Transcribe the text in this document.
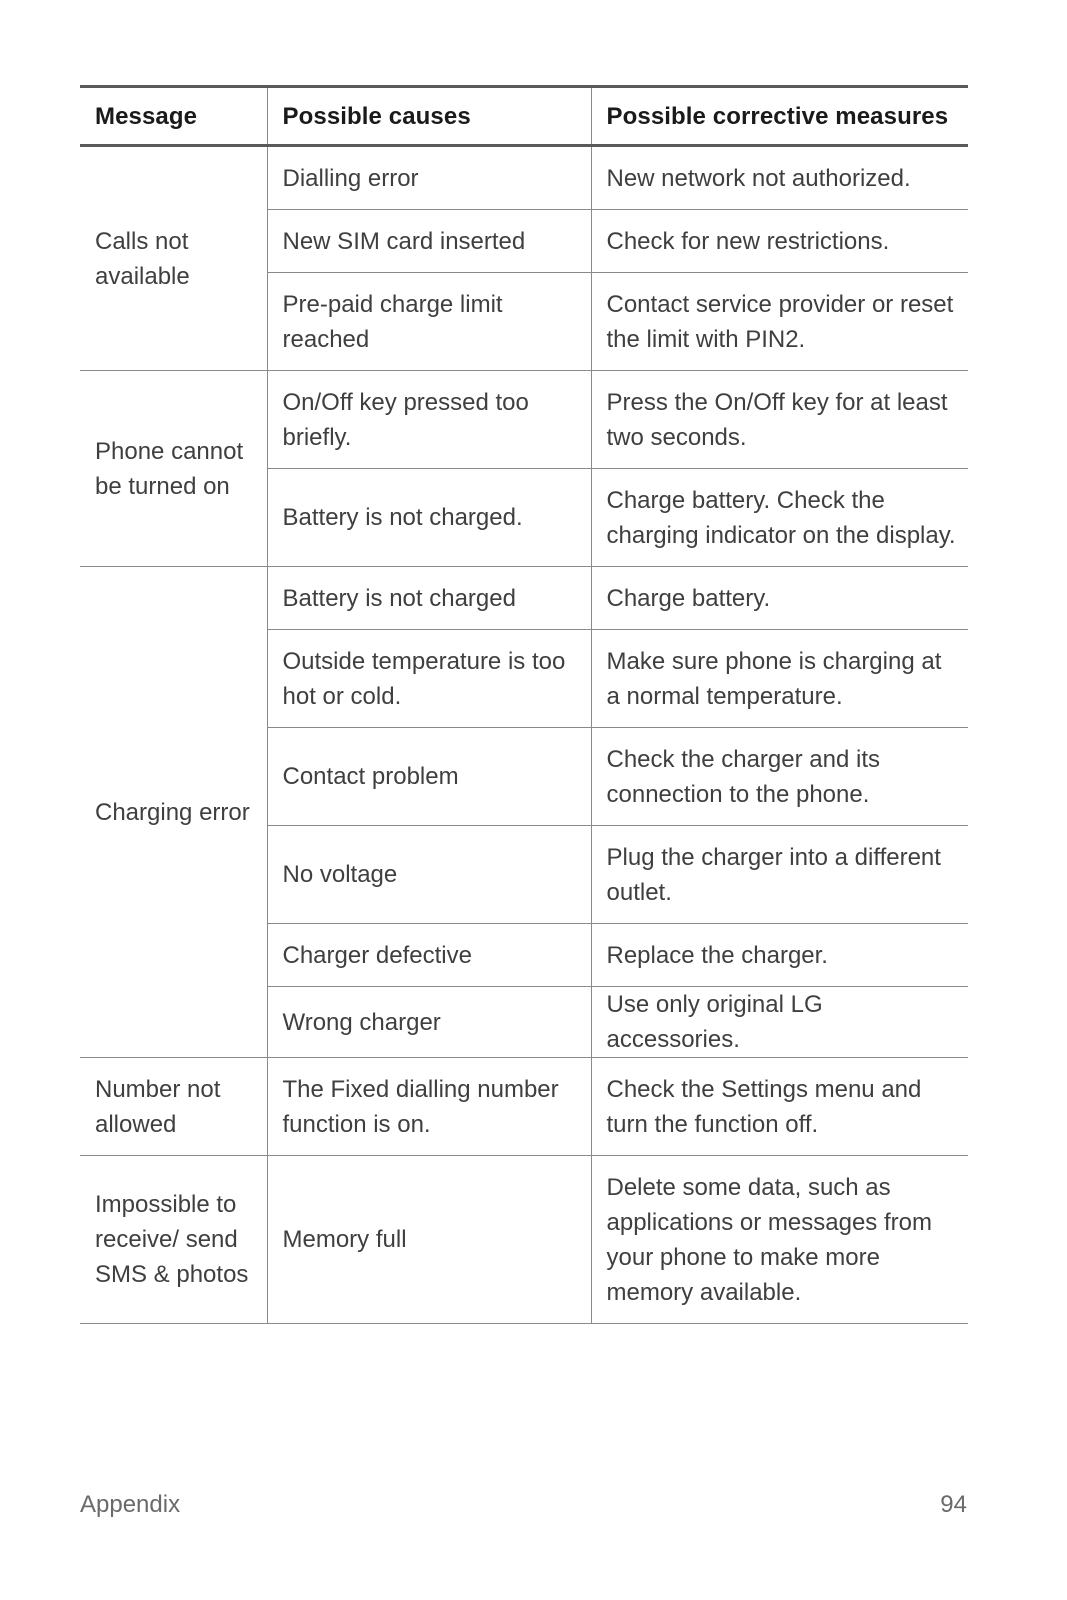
Message	Possible causes	Possible corrective measures
Calls not available	Dialling error	New network not authorized.
	New SIM card inserted	Check for new restrictions.
	Pre-paid charge limit reached	Contact service provider or reset the limit with PIN2.
Phone cannot be turned on	On/Off key pressed too briefly.	Press the On/Off key for at least two seconds.
	Battery is not charged.	Charge battery. Check the charging indicator on the display.
Charging error	Battery is not charged	Charge battery.
	Outside temperature is too hot or cold.	Make sure phone is charging at a normal temperature.
	Contact problem	Check the charger and its connection to the phone.
	No voltage	Plug the charger into a different outlet.
	Charger defective	Replace the charger.
	Wrong charger	Use only original LG accessories.
Number not allowed	The Fixed dialling number function is on.	Check the Settings menu and turn the function off.
Impossible to receive/ send SMS & photos	Memory full	Delete some data, such as applications or messages from your phone to make more memory available.
Appendix	94
